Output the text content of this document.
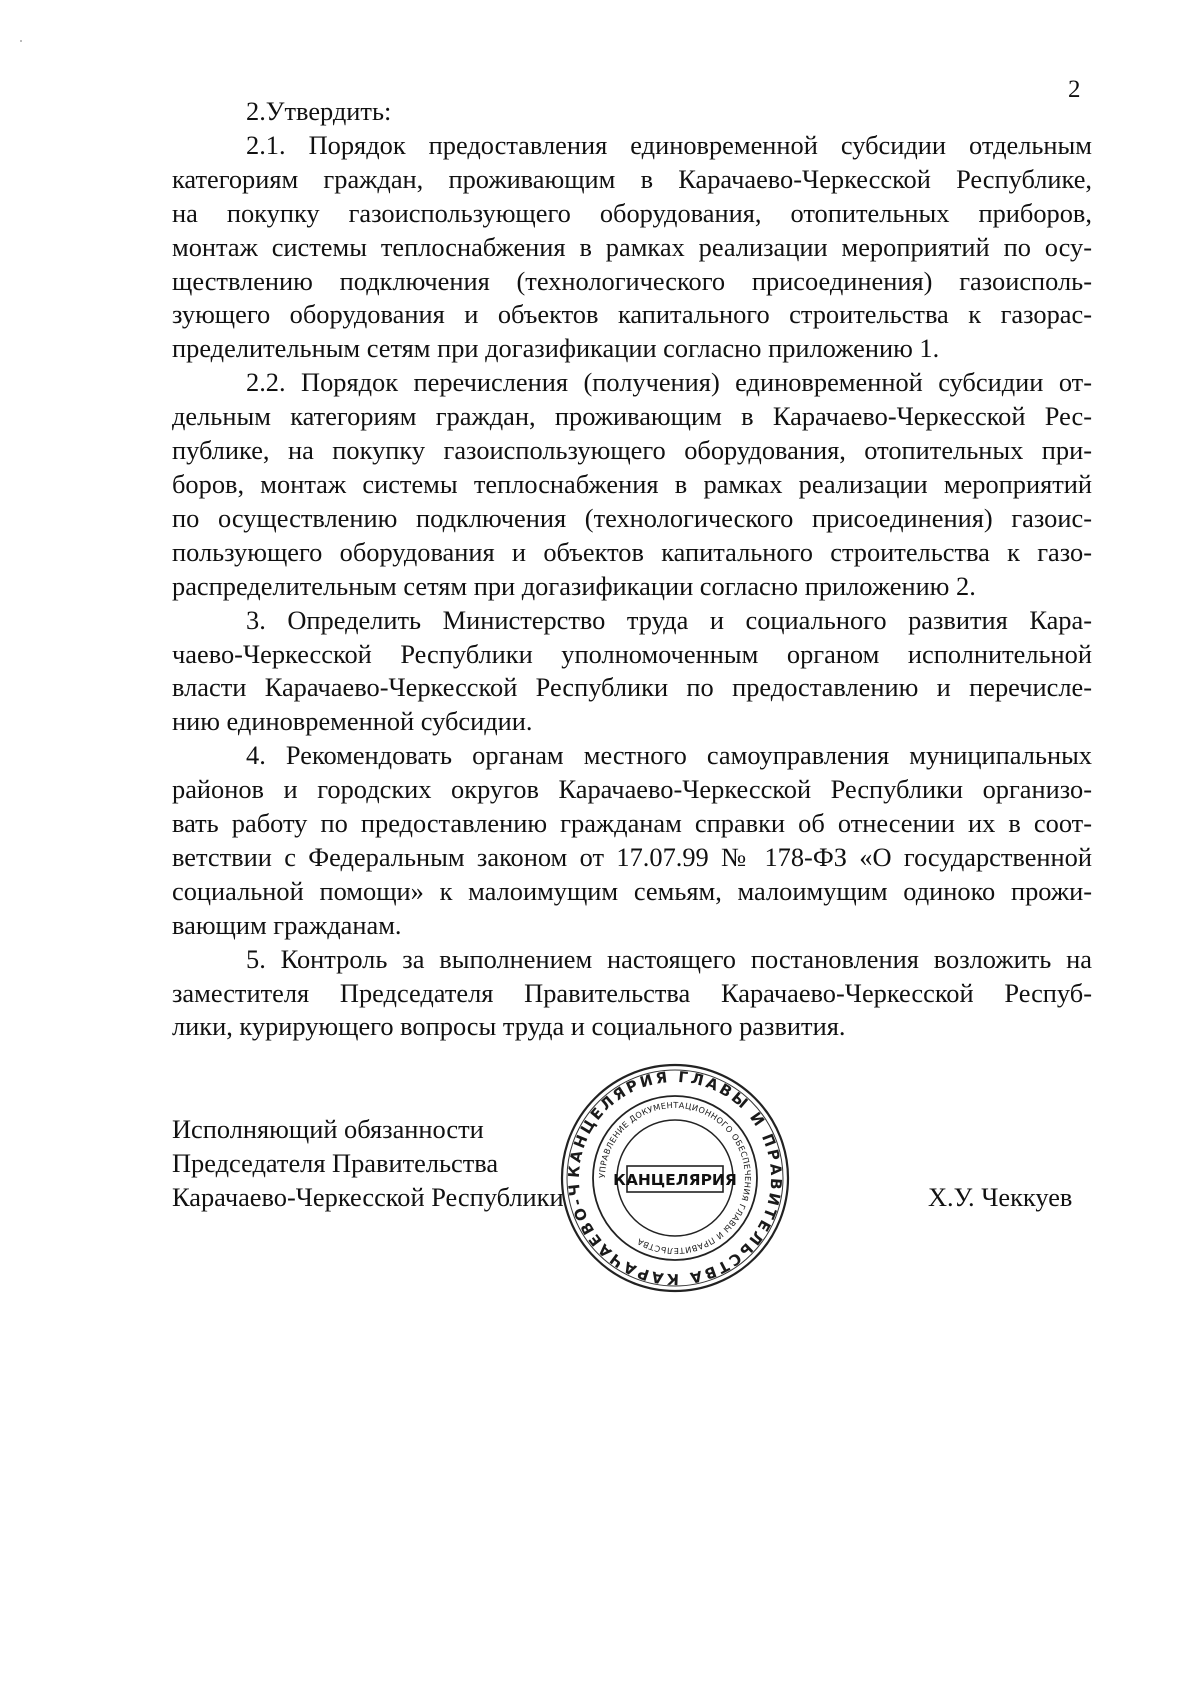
2

2.Утвердить:

2.1. Порядок предоставления единовременной субсидии отдельным
категориям граждан, проживающим в Карачаево-Черкесской Республике,
на покупку газоиспользующего оборудования, отопительных приборов,
монтаж системы теплоснабжения в рамках реализации мероприятий по осу-
ществлению подключения (технологического присоединения) газоисполь-
зующего оборудования и объектов капитального строительства к газорас-
пределительным сетям при догазификации согласно приложению 1.

2.2. Порядок перечисления (получения) единовременной субсидии от-
дельным категориям граждан, проживающим в Карачаево-Черкесской Рес-
публике, на покупку газоиспользующего оборудования, отопительных при-
боров, монтаж системы теплоснабжения в рамках реализации мероприятий
по осуществлению подключения (технологического присоединения) газоис-
пользующего оборудования и объектов капитального строительства к газо-
распределительным сетям при догазификации согласно приложению 2.

3. Определить Министерство труда и социального развития Кара-
чаево-Черкесской Республики уполномоченным органом исполнительной
власти Карачаево-Черкесской Республики по предоставлению и перечисле-
нию единовременной субсидии.

4. Рекомендовать органам местного самоуправления муниципальных
районов и городских округов Карачаево-Черкесской Республики организо-
вать работу по предоставлению гражданам справки об отнесении их в соот-
ветствии с Федеральным законом от 17.07.99 № 178-ФЗ «О государственной
социальной помощи» к малоимущим семьям, малоимущим одиноко прожи-
вающим гражданам.

5. Контроль за выполнением настоящего постановления возложить на
заместителя Председателя Правительства Карачаево-Черкесской Респуб-
лики, курирующего вопросы труда и социального развития.

Исполняющий обязанности
Председателя Правительства
Карачаево-Черкесской Республики
КАНЦЕЛЯРИЯ ГЛАВЫ И ПРАВИТЕЛЬСТВА КАРАЧАЕВО-Ч
УПРАВЛЕНИЕ ДОКУМЕНТАЦИОННОГО ОБЕСПЕЧЕНИЯ ГЛАВЫ И ПРАВИТЕЛЬСТВА
КАНЦЕЛЯРИЯ
Х.У. Чеккуев
